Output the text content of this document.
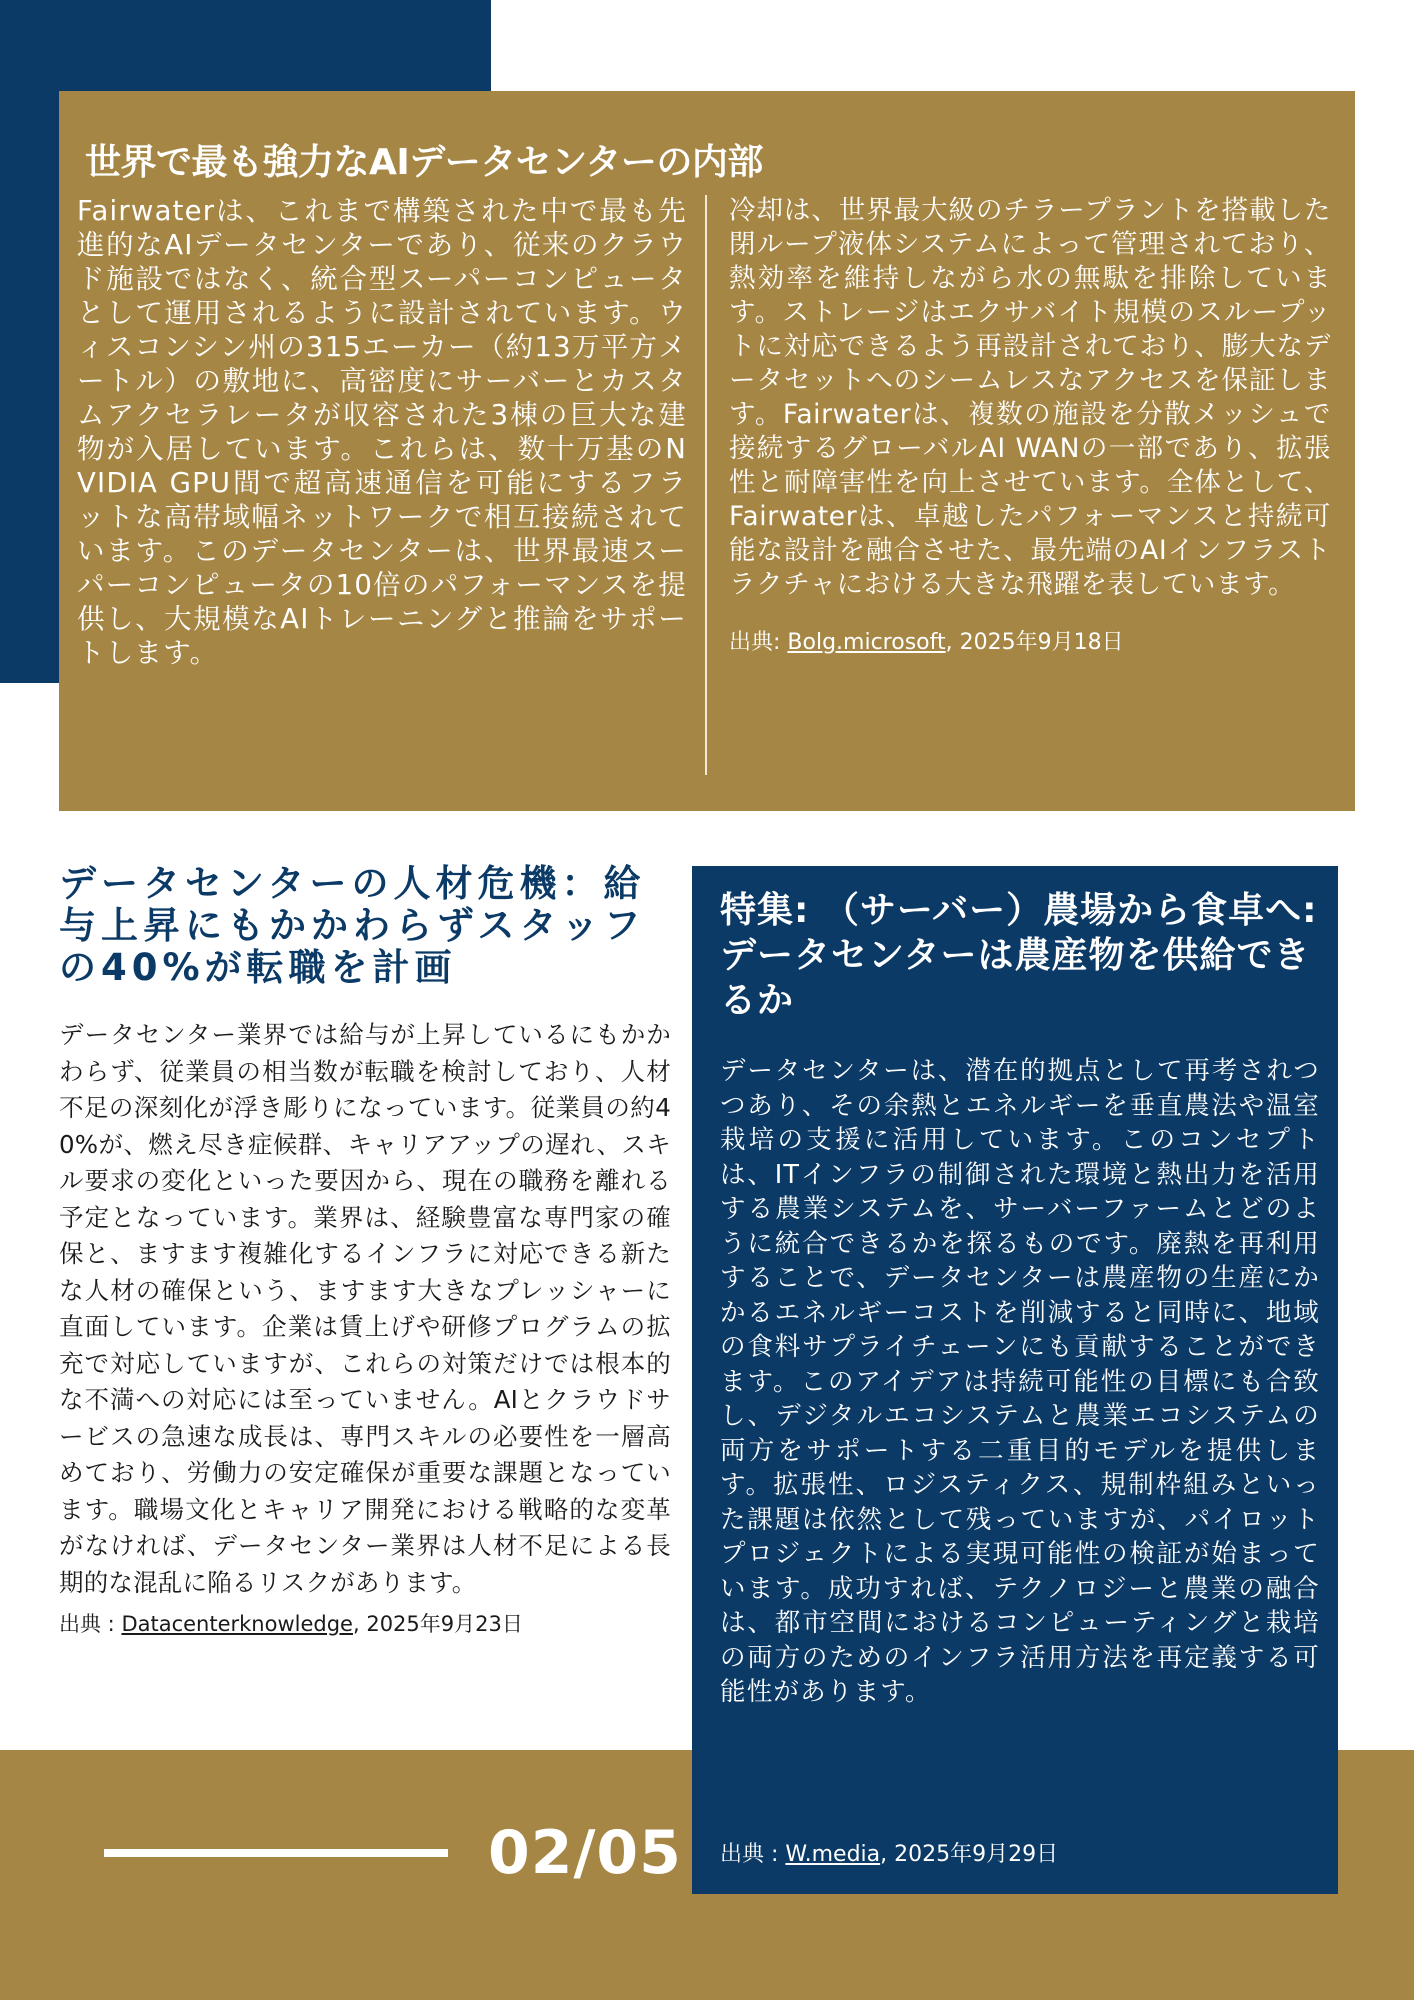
世界で最も強力なAIデータセンターの内部
Fairwaterは、これまで構築された中で最も先進的なAIデータセンターであり、従来のクラウド施設ではなく、統合型スーパーコンピュータとして運用されるように設計されています。ウィスコンシン州の315エーカー（約13万平方メートル）の敷地に、高密度にサーバーとカスタムアクセラレータが収容された3棟の巨大な建物が入居しています。これらは、数十万基のNVIDIA GPU間で超高速通信を可能にするフラットな高帯域幅ネットワークで相互接続されています。このデータセンターは、世界最速スーパーコンピュータの10倍のパフォーマンスを提供し、大規模なAIトレーニングと推論をサポートします。

冷却は、世界最大級のチラープラントを搭載した閉ループ液体システムによって管理されており、熱効率を維持しながら水の無駄を排除しています。ストレージはエクサバイト規模のスループットに対応できるよう再設計されており、膨大なデータセットへのシームレスなアクセスを保証します。Fairwaterは、複数の施設を分散メッシュで接続するグローバルAI WANの一部であり、拡張性と耐障害性を向上させています。全体として、Fairwaterは、卓越したパフォーマンスと持続可能な設計を融合させた、最先端のAIインフラストラクチャにおける大きな飛躍を表しています。

出典: Bolg.microsoft, 2025年9月18日
データセンターの人材危機：給与上昇にもかかわらずスタッフの40%が転職を計画
データセンター業界では給与が上昇しているにもかかわらず、従業員の相当数が転職を検討しており、人材不足の深刻化が浮き彫りになっています。従業員の約40%が、燃え尽き症候群、キャリアアップの遅れ、スキル要求の変化といった要因から、現在の職務を離れる予定となっています。業界は、経験豊富な専門家の確保と、ますます複雑化するインフラに対応できる新たな人材の確保という、ますます大きなプレッシャーに直面しています。企業は賃上げや研修プログラムの拡充で対応していますが、これらの対策だけでは根本的な不満への対応には至っていません。AIとクラウドサービスの急速な成長は、専門スキルの必要性を一層高めており、労働力の安定確保が重要な課題となっています。職場文化とキャリア開発における戦略的な変革がなければ、データセンター業界は人材不足による長期的な混乱に陥るリスクがあります。
出典 : Datacenterknowledge, 2025年9月23日
特集: （サーバー）農場から食卓へ:データセンターは農産物を供給できるか
データセンターは、潜在的拠点として再考されつつあり、その余熱とエネルギーを垂直農法や温室栽培の支援に活用しています。このコンセプトは、ITインフラの制御された環境と熱出力を活用する農業システムを、サーバーファームとどのように統合できるかを探るものです。廃熱を再利用することで、データセンターは農産物の生産にかかるエネルギーコストを削減すると同時に、地域の食料サプライチェーンにも貢献することができます。このアイデアは持続可能性の目標にも合致し、デジタルエコシステムと農業エコシステムの両方をサポートする二重目的モデルを提供します。拡張性、ロジスティクス、規制枠組みといった課題は依然として残っていますが、パイロットプロジェクトによる実現可能性の検証が始まっています。成功すれば、テクノロジーと農業の融合は、都市空間におけるコンピューティングと栽培の両方のためのインフラ活用方法を再定義する可能性があります。
出典 : W.media, 2025年9月29日
02/05
